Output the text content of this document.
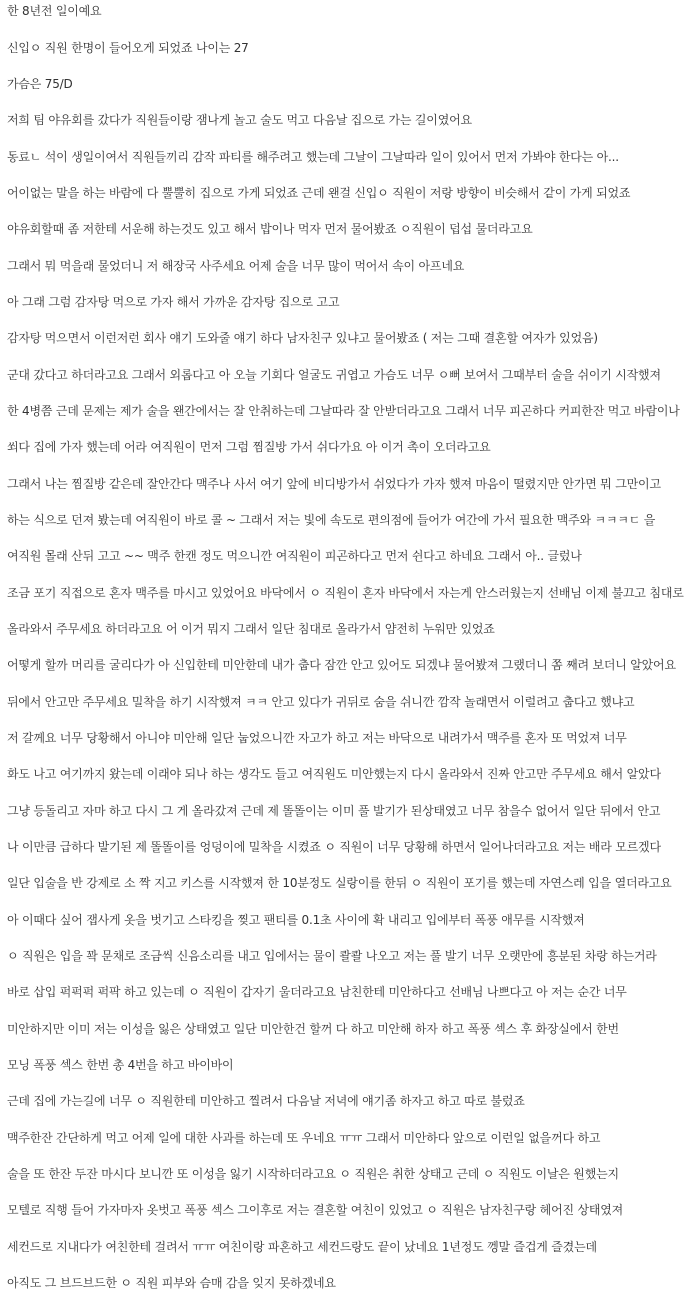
한 8년전 일이예요
신입ㅇ 직원 한명이 들어오게 되었죠 나이는 27
가슴은 75/D
저희 팀 야유회를 갔다가 직원들이랑 잼나게 놀고 술도 먹고 다음날 집으로 가는 길이였어요
동료ㄴ 석이 생일이여서 직원들끼리 감작 파티를 해주려고 했는데 그날이 그날따라 일이 있어서 먼저 가봐야 한다는 아...
어이없는 말을 하는 바람에 다 뿔뿔히 집으로 가게 되었죠 근데 왠걸 신입ㅇ 직원이 저랑 방향이 비슷해서 같이 가게 되었죠
야유회할때 좀 저한테 서운해 하는것도 있고 해서 밥이나 먹자 먼저 물어봤죠 ㅇ직원이 덥섭 물더라고요
그래서 뭐 먹을래 물었더니 저 해장국 사주세요 어제 술을 너무 많이 먹어서 속이 아프네요
아 그래 그럼 감자탕 먹으로 가자 해서 가까운 감자탕 집으로 고고
감자탕 먹으면서 이런저런 회사 얘기 도와줄 얘기 하다 남자친구 있냐고 물어봤죠 ( 저는 그때 결혼할 여자가 있었음)
군대 갔다고 하더라고요 그래서 외롭다고 아 오늘 기회다 얼굴도 귀엽고 가슴도 너무 ㅇ뻐 보여서 그때부터 술을 쉬이기 시작했져
한 4병쯤 근데 문제는 제가 술을 왠간에서는 잘 안취하는데 그날따라 잘 안받더라고요 그래서 너무 피곤하다 커피한잔 먹고 바람이나
쐬다 집에 가자 했는데 어라 여직원이 먼저 그럼 찜질방 가서 쉬다가요 아 이거 촉이 오더라고요
그래서 나는 찜질방 같은데 잘안간다 맥주나 사서 여기 앞에 비디방가서 쉬었다가 가자 했져 마음이 떨렸지만 안가면 뭐 그만이고
하는 식으로 던져 봤는데 여직원이 바로 콜 ~ 그래서 저는 빛에 속도로 편의점에 들어가 여간에 가서 필요한 맥주와 ㅋㅋㅋㄷ 을
여직원 몰래 산뒤 고고 ~~ 맥주 한캔 정도 먹으니깐 여직원이 피곤하다고 먼저 쉰다고 하네요 그래서 아.. 글렀나
조금 포기 직접으로 혼자 맥주를 마시고 있었어요 바닥에서 ㅇ 직원이 혼자 바닥에서 자는게 안스러웠는지 선배님 이제 불끄고 침대로
올라와서 주무세요 하더라고요 어 이거 뭐지 그래서 일단 침대로 올라가서 얌전히 누워만 있었죠
어떻게 할까 머리를 굴리다가 아 신입한테 미안한데 내가 춥다 잠깐 안고 있어도 되겠냐 물어봤져 그랬더니 쫌 째려 보더니 알았어요
뒤에서 안고만 주무세요 밀착을 하기 시작했져 ㅋㅋ 안고 있다가 귀뒤로 숨을 쉬니깐 깜작 놀래면서 이럴려고 춥다고 했냐고
저 갈께요 너무 당황해서 아니야 미안해 일단 눕었으니깐 자고가 하고 저는 바닥으로 내려가서 맥주를 혼자 또 먹었져 너무
화도 나고 여기까지 왔는데 이래야 되나 하는 생각도 들고 여직원도 미안했는지 다시 올라와서 진짜 안고만 주무세요 해서 알았다
그냥 등돌리고 자마 하고 다시 그 게 올라갔져 근데 제 똘똘이는 이미 풀 발기가 된상태였고 너무 참을수 없어서 일단 뒤에서 안고
나 이만큼 급하다 발기된 제 똘똘이를 엉덩이에 밀착을 시켰죠 ㅇ 직원이 너무 당황해 하면서 일어나더라고요 저는 배라 모르겠다
일단 입술을 반 강제로 소 짝 지고 키스를 시작했져 한 10분정도 실랑이를 한뒤 ㅇ 직원이 포기를 했는데 자연스레 입을 열더라고요
아 이때다 싶어 잽사게 옷을 벗기고 스타킹을 찢고 팬티를 0.1초 사이에 확 내리고 입에부터 폭풍 애무를 시작했져
ㅇ 직원은 입을 꽉 문채로 조금씩 신음소리를 내고 입에서는 물이 콸콸 나오고 저는 풀 발기 너무 오랫만에 흥분된 차랑 하는거라
바로 삽입 퍽퍽퍽 퍽팍 하고 있는데 ㅇ 직원이 갑자기 울더라고요 남친한테 미안하다고 선배님 나쁘다고 아 저는 순간 너무
미안하지만 이미 저는 이성을 잃은 상태였고 일단 미안한건 할꺼 다 하고 미안해 하자 하고 폭풍 섹스 후 화장실에서 한번
모닝 폭풍 섹스 한번 총 4번을 하고 바이바이
근데 집에 가는길에 너무 ㅇ 직원한테 미안하고 찔려서 다음날 저녁에 얘기좀 하자고 하고 따로 불렀죠
맥주한잔 간단하게 먹고 어제 일에 대한 사과를 하는데 또 우네요 ㅠㅠ 그래서 미안하다 앞으로 이런일 없을꺼다 하고
술을 또 한잔 두잔 마시다 보니깐 또 이성을 잃기 시작하더라고요 ㅇ 직원은 취한 상태고 근데 ㅇ 직원도 이날은 원했는지
모텔로 직행 들어 가자마자 옷벗고 폭풍 섹스 그이후로 저는 결혼할 여친이 있었고 ㅇ 직원은 남자친구랑 헤어진 상태였져
세컨드로 지내다가 여친한테 걸려서 ㅠㅠ 여친이랑 파혼하고 세컨드랑도 끝이 났네요 1년정도 껭말 즐겁게 즐겼는데
아직도 그 브드브드한 ㅇ 직원 피부와 슴매 감을 잊지 못하겠네요
